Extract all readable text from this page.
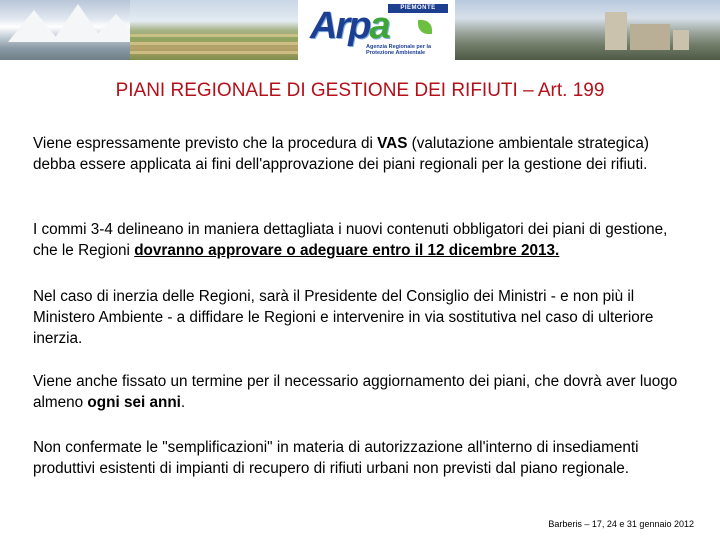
PIEMONTE
Arpa
Agenzia Regionale per la Protezione Ambientale
PIANI REGIONALE DI GESTIONE DEI RIFIUTI – Art. 199

Viene espressamente previsto che la procedura di VAS (valutazione ambientale strategica) debba essere applicata ai fini dell'approvazione dei piani regionali per la gestione dei rifiuti.

I commi 3-4 delineano in maniera dettagliata i nuovi contenuti obbligatori dei piani di gestione, che le Regioni dovranno approvare o adeguare entro il 12 dicembre 2013.

Nel caso di inerzia delle Regioni, sarà il Presidente del Consiglio dei Ministri - e non più il Ministero Ambiente - a diffidare le Regioni e intervenire in via sostitutiva nel caso di ulteriore inerzia.

Viene anche fissato un termine per il necessario aggiornamento dei piani, che dovrà aver luogo almeno ogni sei anni.

Non confermate le "semplificazioni" in materia di autorizzazione all'interno di insediamenti produttivi esistenti di impianti di recupero di rifiuti urbani non previsti dal piano regionale.

Barberis – 17, 24 e 31 gennaio 2012
